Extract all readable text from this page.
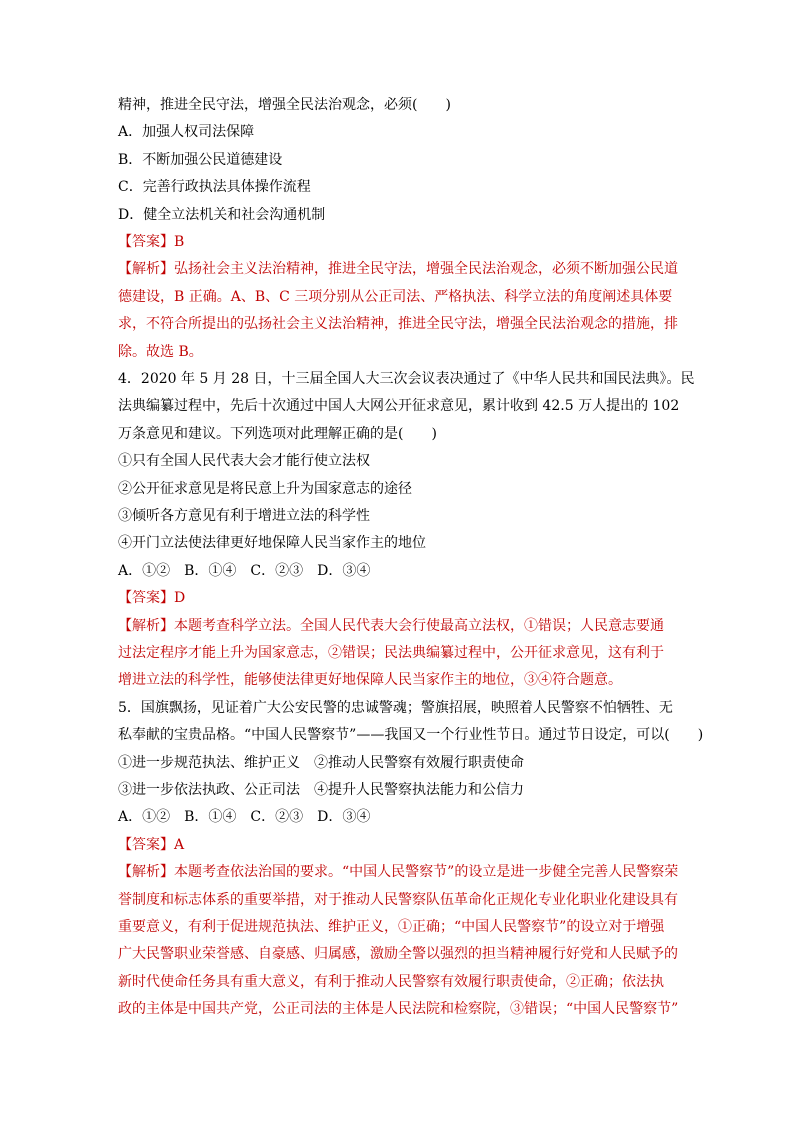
精神，推进全民守法，增强全民法治观念，必须(　　)
A．加强人权司法保障
B．不断加强公民道德建设
C．完善行政执法具体操作流程
D．健全立法机关和社会沟通机制
【答案】B
【解析】弘扬社会主义法治精神，推进全民守法，增强全民法治观念，必须不断加强公民道
德建设，B 正确。A、B、C 三项分别从公正司法、严格执法、科学立法的角度阐述具体要
求，不符合所提出的弘扬社会主义法治精神，推进全民守法，增强全民法治观念的措施，排
除。故选 B。
4．2020 年 5 月 28 日，十三届全国人大三次会议表决通过了《中华人民共和国民法典》。民
法典编纂过程中，先后十次通过中国人大网公开征求意见，累计收到 42.5 万人提出的 102
万条意见和建议。下列选项对此理解正确的是(　　)
①只有全国人民代表大会才能行使立法权
②公开征求意见是将民意上升为国家意志的途径
③倾听各方意见有利于增进立法的科学性
④开门立法使法律更好地保障人民当家作主的地位
A．①②　B．①④　C．②③　D．③④
【答案】D
【解析】本题考查科学立法。全国人民代表大会行使最高立法权，①错误；人民意志要通
过法定程序才能上升为国家意志，②错误；民法典编纂过程中，公开征求意见，这有利于
增进立法的科学性，能够使法律更好地保障人民当家作主的地位，③④符合题意。
5．国旗飘扬，见证着广大公安民警的忠诚警魂；警旗招展，映照着人民警察不怕牺牲、无
私奉献的宝贵品格。“中国人民警察节”——我国又一个行业性节日。通过节日设定，可以(　　)
①进一步规范执法、维护正义　②推动人民警察有效履行职责使命
③进一步依法执政、公正司法　④提升人民警察执法能力和公信力
A．①②　B．①④　C．②③　D．③④
【答案】A
【解析】本题考查依法治国的要求。“中国人民警察节”的设立是进一步健全完善人民警察荣
誉制度和标志体系的重要举措，对于推动人民警察队伍革命化正规化专业化职业化建设具有
重要意义，有利于促进规范执法、维护正义，①正确；“中国人民警察节”的设立对于增强
广大民警职业荣誉感、自豪感、归属感，激励全警以强烈的担当精神履行好党和人民赋予的
新时代使命任务具有重大意义，有利于推动人民警察有效履行职责使命，②正确；依法执
政的主体是中国共产党，公正司法的主体是人民法院和检察院，③错误；“中国人民警察节”
